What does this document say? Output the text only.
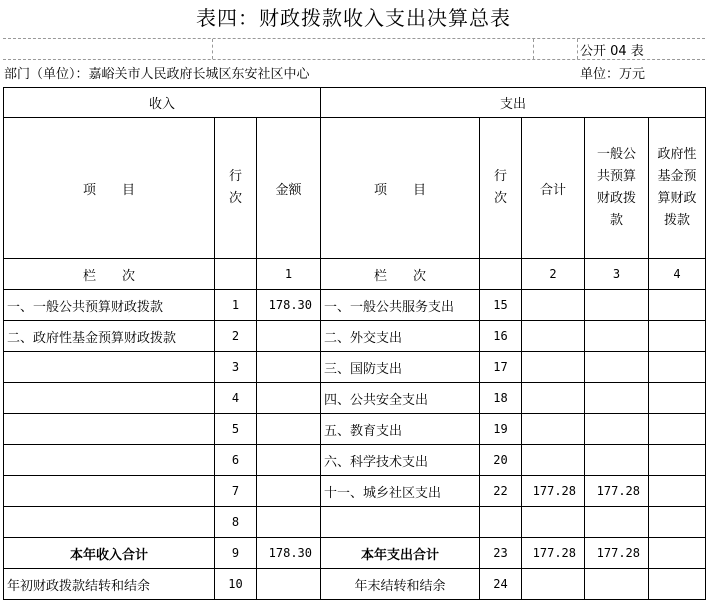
表四：财政拨款收入支出决算总表
公开 04 表
部门（单位）：嘉峪关市人民政府长城区东安社区中心	单位：万元
收入			支出				
项　　目	行次	金额	项　　目	行次	合计	一般公共预算财政拨款	政府性基金预算财政拨款
栏　　次		1	栏　　次		2	3	4
一、一般公共预算财政拨款	1	178.30	一、一般公共服务支出	15			
二、政府性基金预算财政拨款	2		二、外交支出	16			
	3		三、国防支出	17			
	4		四、公共安全支出	18			
	5		五、教育支出	19			
	6		六、科学技术支出	20			
	7		十一、城乡社区支出	22	177.28	177.28	
	8						
本年收入合计	9	178.30	本年支出合计	23	177.28	177.28	
年初财政拨款结转和结余	10		年末结转和结余	24			
